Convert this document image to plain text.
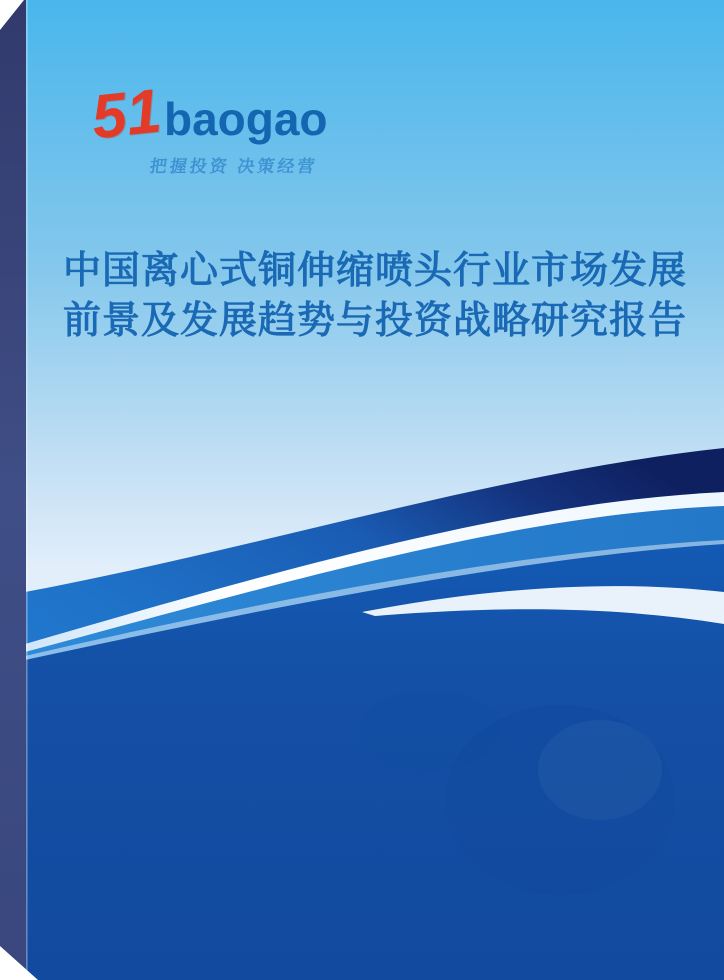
51 baogao
把握投资 决策经营
中国离心式铜伸缩喷头行业市场发展
前景及发展趋势与投资战略研究报告
